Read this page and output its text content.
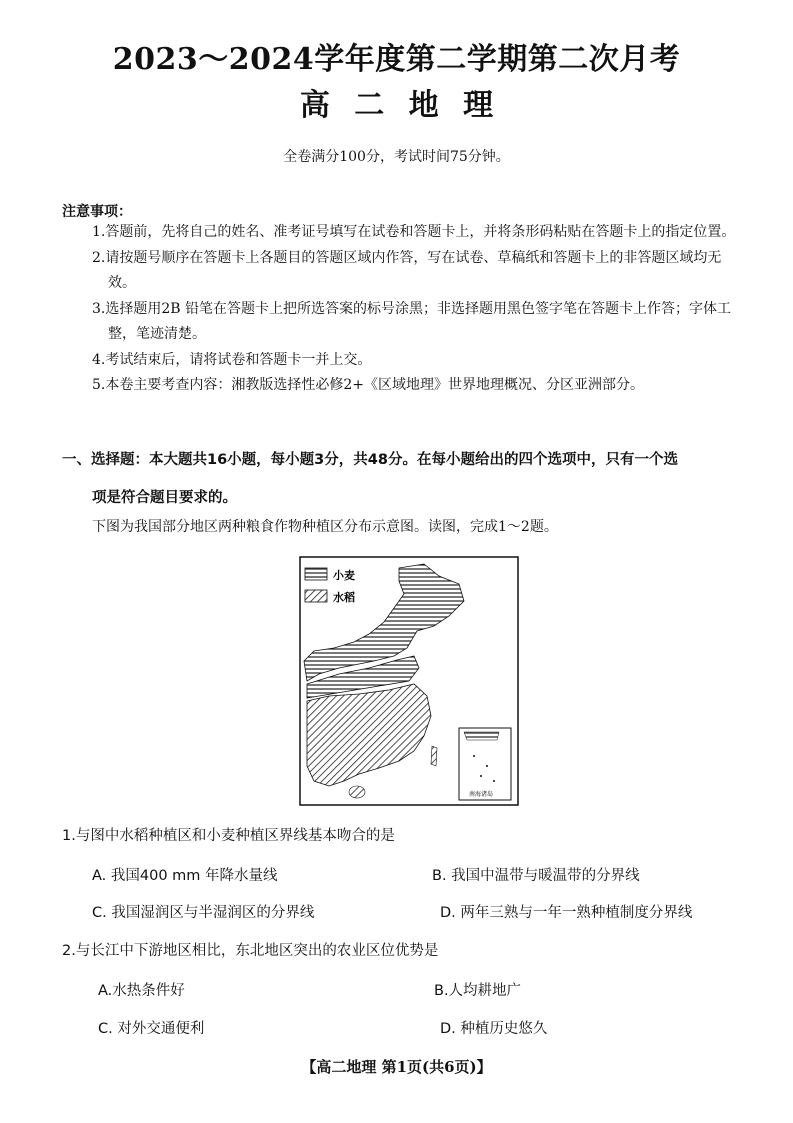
2023～2024学年度第二学期第二次月考
高 二 地 理
全卷满分100分，考试时间75分钟。
注意事项：

1.答题前，先将自己的姓名、准考证号填写在试卷和答题卡上，并将条形码粘贴在答题卡上的指定位置。

2.请按题号顺序在答题卡上各题目的答题区域内作答，写在试卷、草稿纸和答题卡上的非答题区域均无效。

3.选择题用2B 铅笔在答题卡上把所选答案的标号涂黑；非选择题用黑色签字笔在答题卡上作答；字体工整，笔迹清楚。

4.考试结束后，请将试卷和答题卡一并上交。

5.本卷主要考查内容：湘教版选择性必修2+《区域地理》世界地理概况、分区亚洲部分。

一、选择题：本大题共16小题，每小题3分，共48分。在每小题给出的四个选项中，只有一个选
项是符合题目要求的。
下图为我国部分地区两种粮食作物种植区分布示意图。读图，完成1～2题。
小麦
水稻
南海诸岛
1.与图中水稻种植区和小麦种植区界线基本吻合的是
A. 我国400 mm 年降水量线	B. 我国中温带与暖温带的分界线
C. 我国湿润区与半湿润区的分界线	D. 两年三熟与一年一熟种植制度分界线
2.与长江中下游地区相比，东北地区突出的农业区位优势是
A.水热条件好	B.人均耕地广
C. 对外交通便利	D. 种植历史悠久
【高二地理 第1页(共6页)】
